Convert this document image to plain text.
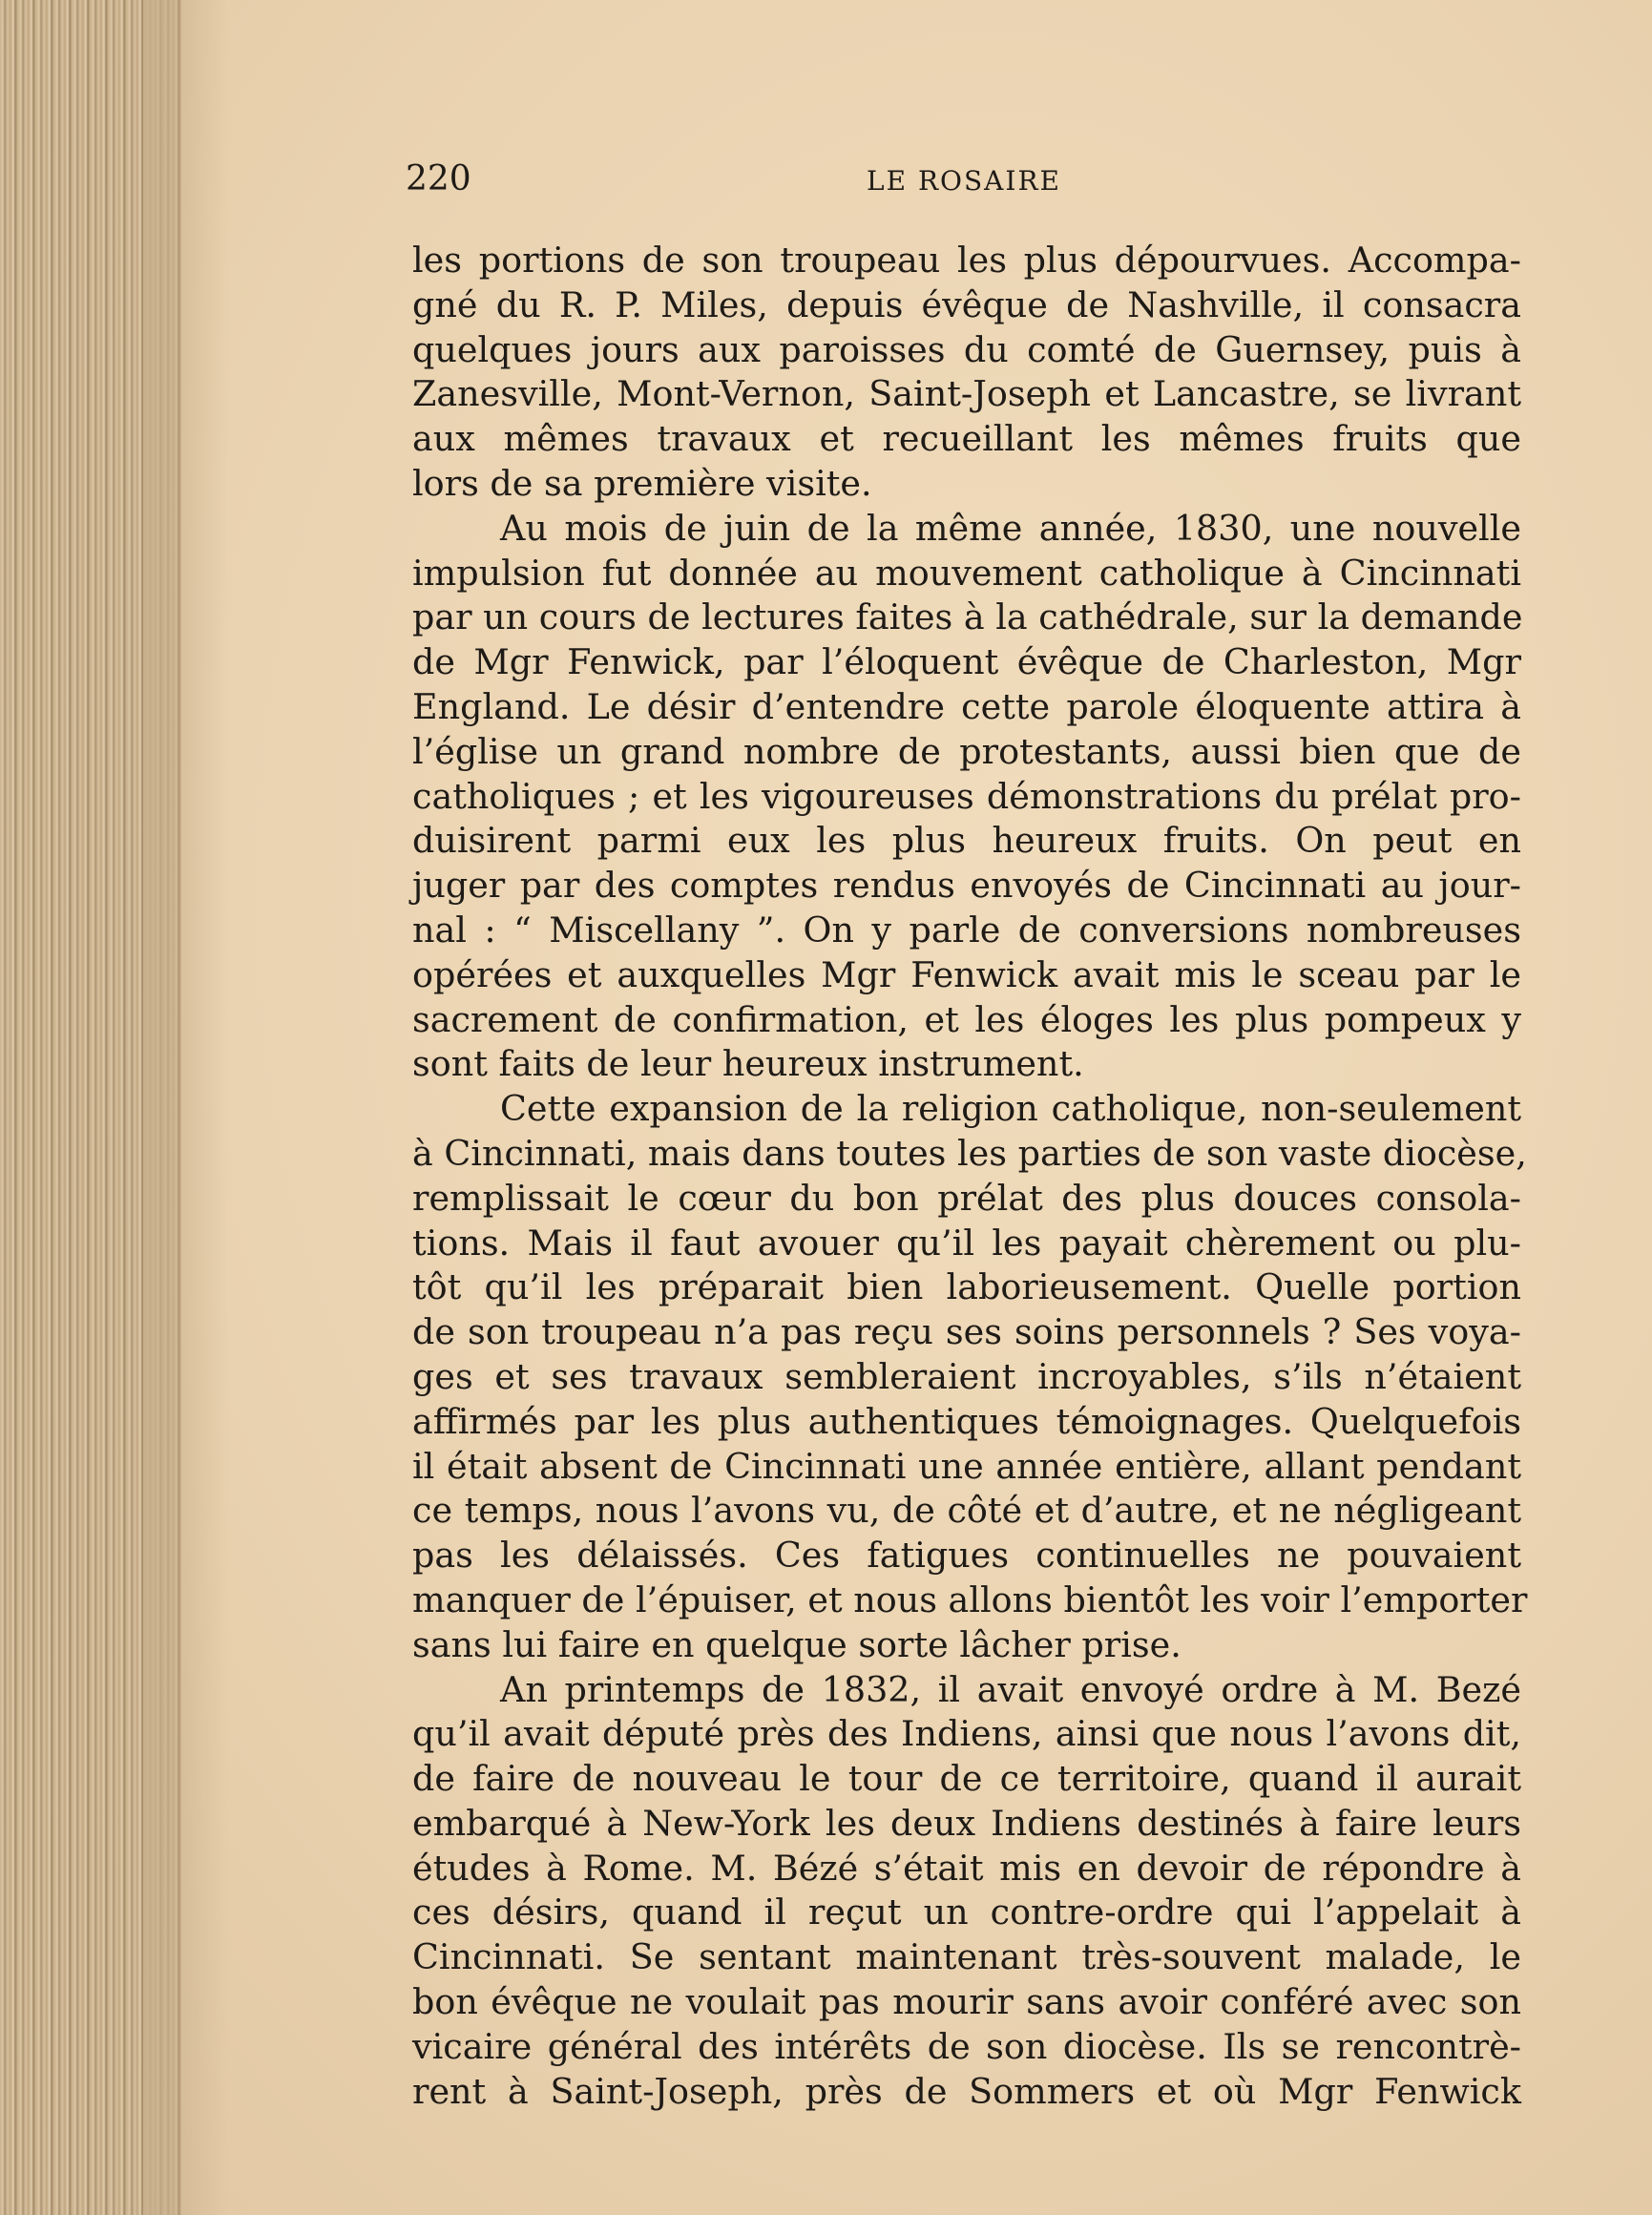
220	LE ROSAIRE
les portions de son troupeau les plus dépourvues. Accompa-
gné du R. P. Miles, depuis évêque de Nashville, il consacra
quelques jours aux paroisses du comté de Guernsey, puis à
Zanesville, Mont-Vernon, Saint-Joseph et Lancastre, se livrant
aux mêmes travaux et recueillant les mêmes fruits que
lors de sa première visite.
Au mois de juin de la même année, 1830, une nouvelle
impulsion fut donnée au mouvement catholique à Cincinnati
par un cours de lectures faites à la cathédrale, sur la demande
de Mgr Fenwick, par l’éloquent évêque de Charleston, Mgr
England. Le désir d’entendre cette parole éloquente attira à
l’église un grand nombre de protestants, aussi bien que de
catholiques ; et les vigoureuses démonstrations du prélat pro-
duisirent parmi eux les plus heureux fruits. On peut en
juger par des comptes rendus envoyés de Cincinnati au jour-
nal : “ Miscellany ”. On y parle de conversions nombreuses
opérées et auxquelles Mgr Fenwick avait mis le sceau par le
sacrement de confirmation, et les éloges les plus pompeux y
sont faits de leur heureux instrument.
Cette expansion de la religion catholique, non-seulement
à Cincinnati, mais dans toutes les parties de son vaste diocèse,
remplissait le cœur du bon prélat des plus douces consola-
tions. Mais il faut avouer qu’il les payait chèrement ou plu-
tôt qu’il les préparait bien laborieusement. Quelle portion
de son troupeau n’a pas reçu ses soins personnels ? Ses voya-
ges et ses travaux sembleraient incroyables, s’ils n’étaient
affirmés par les plus authentiques témoignages. Quelquefois
il était absent de Cincinnati une année entière, allant pendant
ce temps, nous l’avons vu, de côté et d’autre, et ne négligeant
pas les délaissés. Ces fatigues continuelles ne pouvaient
manquer de l’épuiser, et nous allons bientôt les voir l’emporter
sans lui faire en quelque sorte lâcher prise.
An printemps de 1832, il avait envoyé ordre à M. Bezé
qu’il avait député près des Indiens, ainsi que nous l’avons dit,
de faire de nouveau le tour de ce territoire, quand il aurait
embarqué à New-York les deux Indiens destinés à faire leurs
études à Rome. M. Bézé s’était mis en devoir de répondre à
ces désirs, quand il reçut un contre-ordre qui l’appelait à
Cincinnati. Se sentant maintenant très-souvent malade, le
bon évêque ne voulait pas mourir sans avoir conféré avec son
vicaire général des intérêts de son diocèse. Ils se rencontrè-
rent à Saint-Joseph, près de Sommers et où Mgr Fenwick
